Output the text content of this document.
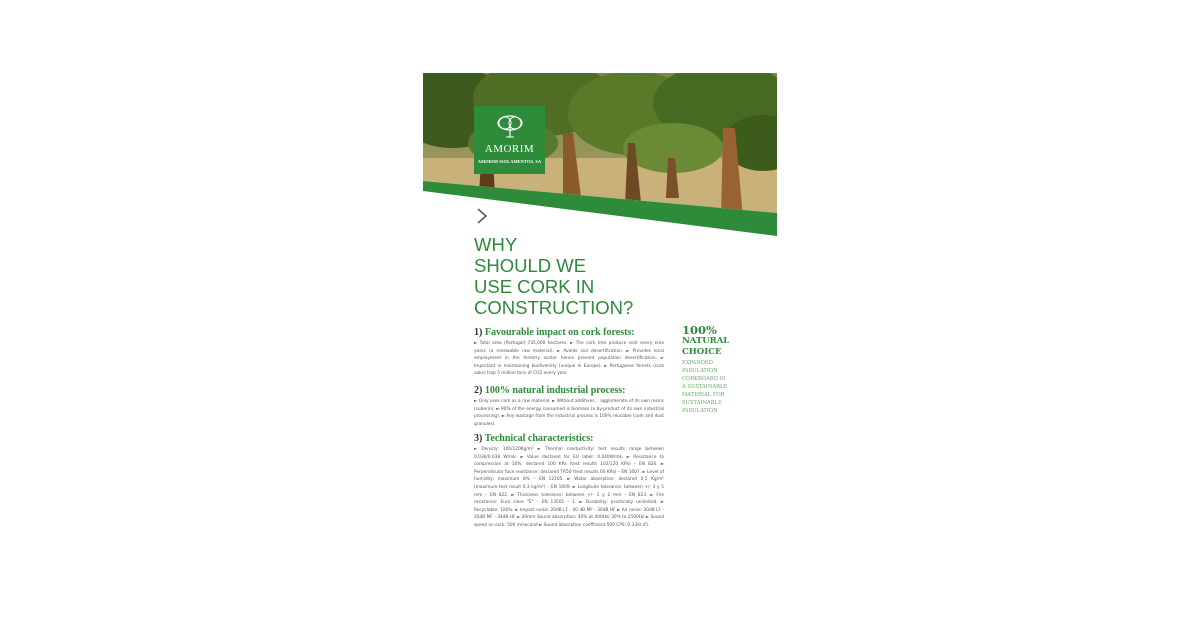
AMORIM
AMORIM ISOLAMENTOS, SA
WHY
SHOULD WE
USE CORK IN
CONSTRUCTION?
1) Favourable impact on cork forests:
► Total area (Portugal) 735,000 hectares. ► The cork tree produce cork every nine years (a renewable raw material). ► Avoids soil desertification. ► Provides local employment in the forestry sector hence prevent population desertification. ► Important in maintaining biodiversity (unique in Europe). ► Portuguese forests (cork oaks) trap 5 million tons of CO2 every year.
2) 100% natural industrial process:
► Only uses cork as a raw material. ► Without additives… agglomerate of its own resins (suberin). ► 90% of the energy consumed is biomass (a by-product of its own industrial processing). ► Any wastage from the industrial process is 100% reusable (cork and dust granules).
3) Technical characteristics:
► Density: 100/120Kg/m³ ► Thermal conductivity: test results range between 0.036/0.038 W/mk. ► Value declared for EU label: 0.040W/mk. ► Resistance to compression at 10%: declared 100 KPa (test results 102/120 KPa) – EN 826. ► Perpendicular face resistance: declared TR50 (test results 60 KPa) – EN 1607. ► Level of humidity: maximum 8% – EN 12105. ► Water absorption: declared 0.5 Kg/m² (maximum test result 0.3 kg/m²) – EN 1609. ► Longitude tolerance: between +/- 3 y 5 mm – EN 822. ► Thickness tolerance: between +/- 1 y 2 mm – EN 823. ► Fire resistance: Euro class "E" – EN 13501 – 1. ► Durability: practically unlimited. ► Recyclable: 100%. ► Impact noise: 20dB LF - 40 dB MF - 30dB HF ► Air noise: 30dB LF - 35dB MF - 34dB HF ► 30mm Sound absorption: 40% at 400Hz/ 30% to 2500Hz ► Sound speed on cork: 500 m/second ► Sound absorption coefficient 500 CPS: 0.33/0.45.
100%
NATURAL
CHOICE
EXPANDED
INSULATION
CORKBOARD IS
A SUSTAINABLE
MATERIAL FOR
SUSTAINABLE
INSULATION
